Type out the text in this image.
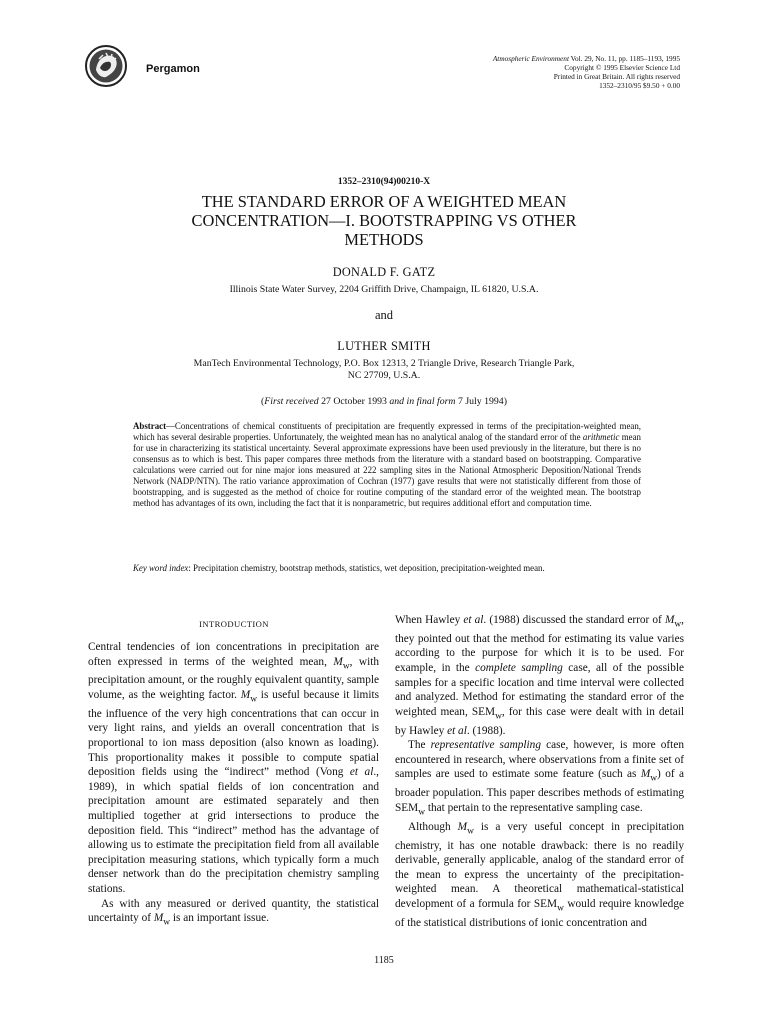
Pergamon
Atmospheric Environment Vol. 29, No. 11, pp. 1185–1193, 1995
Copyright © 1995 Elsevier Science Ltd
Printed in Great Britain. All rights reserved
1352–2310/95 $9.50 + 0.00
1352–2310(94)00210-X
THE STANDARD ERROR OF A WEIGHTED MEAN
CONCENTRATION—I. BOOTSTRAPPING VS OTHER
METHODS
DONALD F. GATZ
Illinois State Water Survey, 2204 Griffith Drive, Champaign, IL 61820, U.S.A.
and
LUTHER SMITH
ManTech Environmental Technology, P.O. Box 12313, 2 Triangle Drive, Research Triangle Park,
NC 27709, U.S.A.
(First received 27 October 1993 and in final form 7 July 1994)
Abstract—Concentrations of chemical constituents of precipitation are frequently expressed in terms of the precipitation-weighted mean, which has several desirable properties. Unfortunately, the weighted mean has no analytical analog of the standard error of the arithmetic mean for use in characterizing its statistical uncertainty. Several approximate expressions have been used previously in the literature, but there is no consensus as to which is best. This paper compares three methods from the literature with a standard based on bootstrapping. Comparative calculations were carried out for nine major ions measured at 222 sampling sites in the National Atmospheric Deposition/National Trends Network (NADP/NTN). The ratio variance approximation of Cochran (1977) gave results that were not statistically different from those of bootstrapping, and is suggested as the method of choice for routine computing of the standard error of the weighted mean. The bootstrap method has advantages of its own, including the fact that it is nonparametric, but requires additional effort and computation time.
Key word index: Precipitation chemistry, bootstrap methods, statistics, wet deposition, precipitation-weighted mean.
INTRODUCTION

Central tendencies of ion concentrations in precipitation are often expressed in terms of the weighted mean, $M_w$, with precipitation amount, or the roughly equivalent quantity, sample volume, as the weighting factor. $M_w$ is useful because it limits the influence of the very high concentrations that can occur in very light rains, and yields an overall concentration that is proportional to ion mass deposition (also known as loading). This proportionality makes it possible to compute spatial deposition fields using the “indirect” method (Vong et al., 1989), in which spatial fields of ion concentration and precipitation amount are estimated separately and then multiplied together at grid intersections to produce the deposition field. This “indirect” method has the advantage of allowing us to estimate the precipitation field from all available precipitation measuring stations, which typically form a much denser network than do the precipitation chemistry sampling stations.

As with any measured or derived quantity, the statistical uncertainty of $M_w$ is an important issue.

When Hawley et al. (1988) discussed the standard error of $M_w$, they pointed out that the method for estimating its value varies according to the purpose for which it is to be used. For example, in the complete sampling case, all of the possible samples for a specific location and time interval were collected and analyzed. Method for estimating the standard error of the weighted mean, $SEM_w$, for this case were dealt with in detail by Hawley et al. (1988).

The representative sampling case, however, is more often encountered in research, where observations from a finite set of samples are used to estimate some feature (such as $M_w$) of a broader population. This paper describes methods of estimating $SEM_w$ that pertain to the representative sampling case.

Although $M_w$ is a very useful concept in precipitation chemistry, it has one notable drawback: there is no readily derivable, generally applicable, analog of the standard error of the mean to express the uncertainty of the precipitation-weighted mean. A theoretical mathematical-statistical development of a formula for $SEM_w$ would require knowledge of the statistical distributions of ionic concentration and

1185
